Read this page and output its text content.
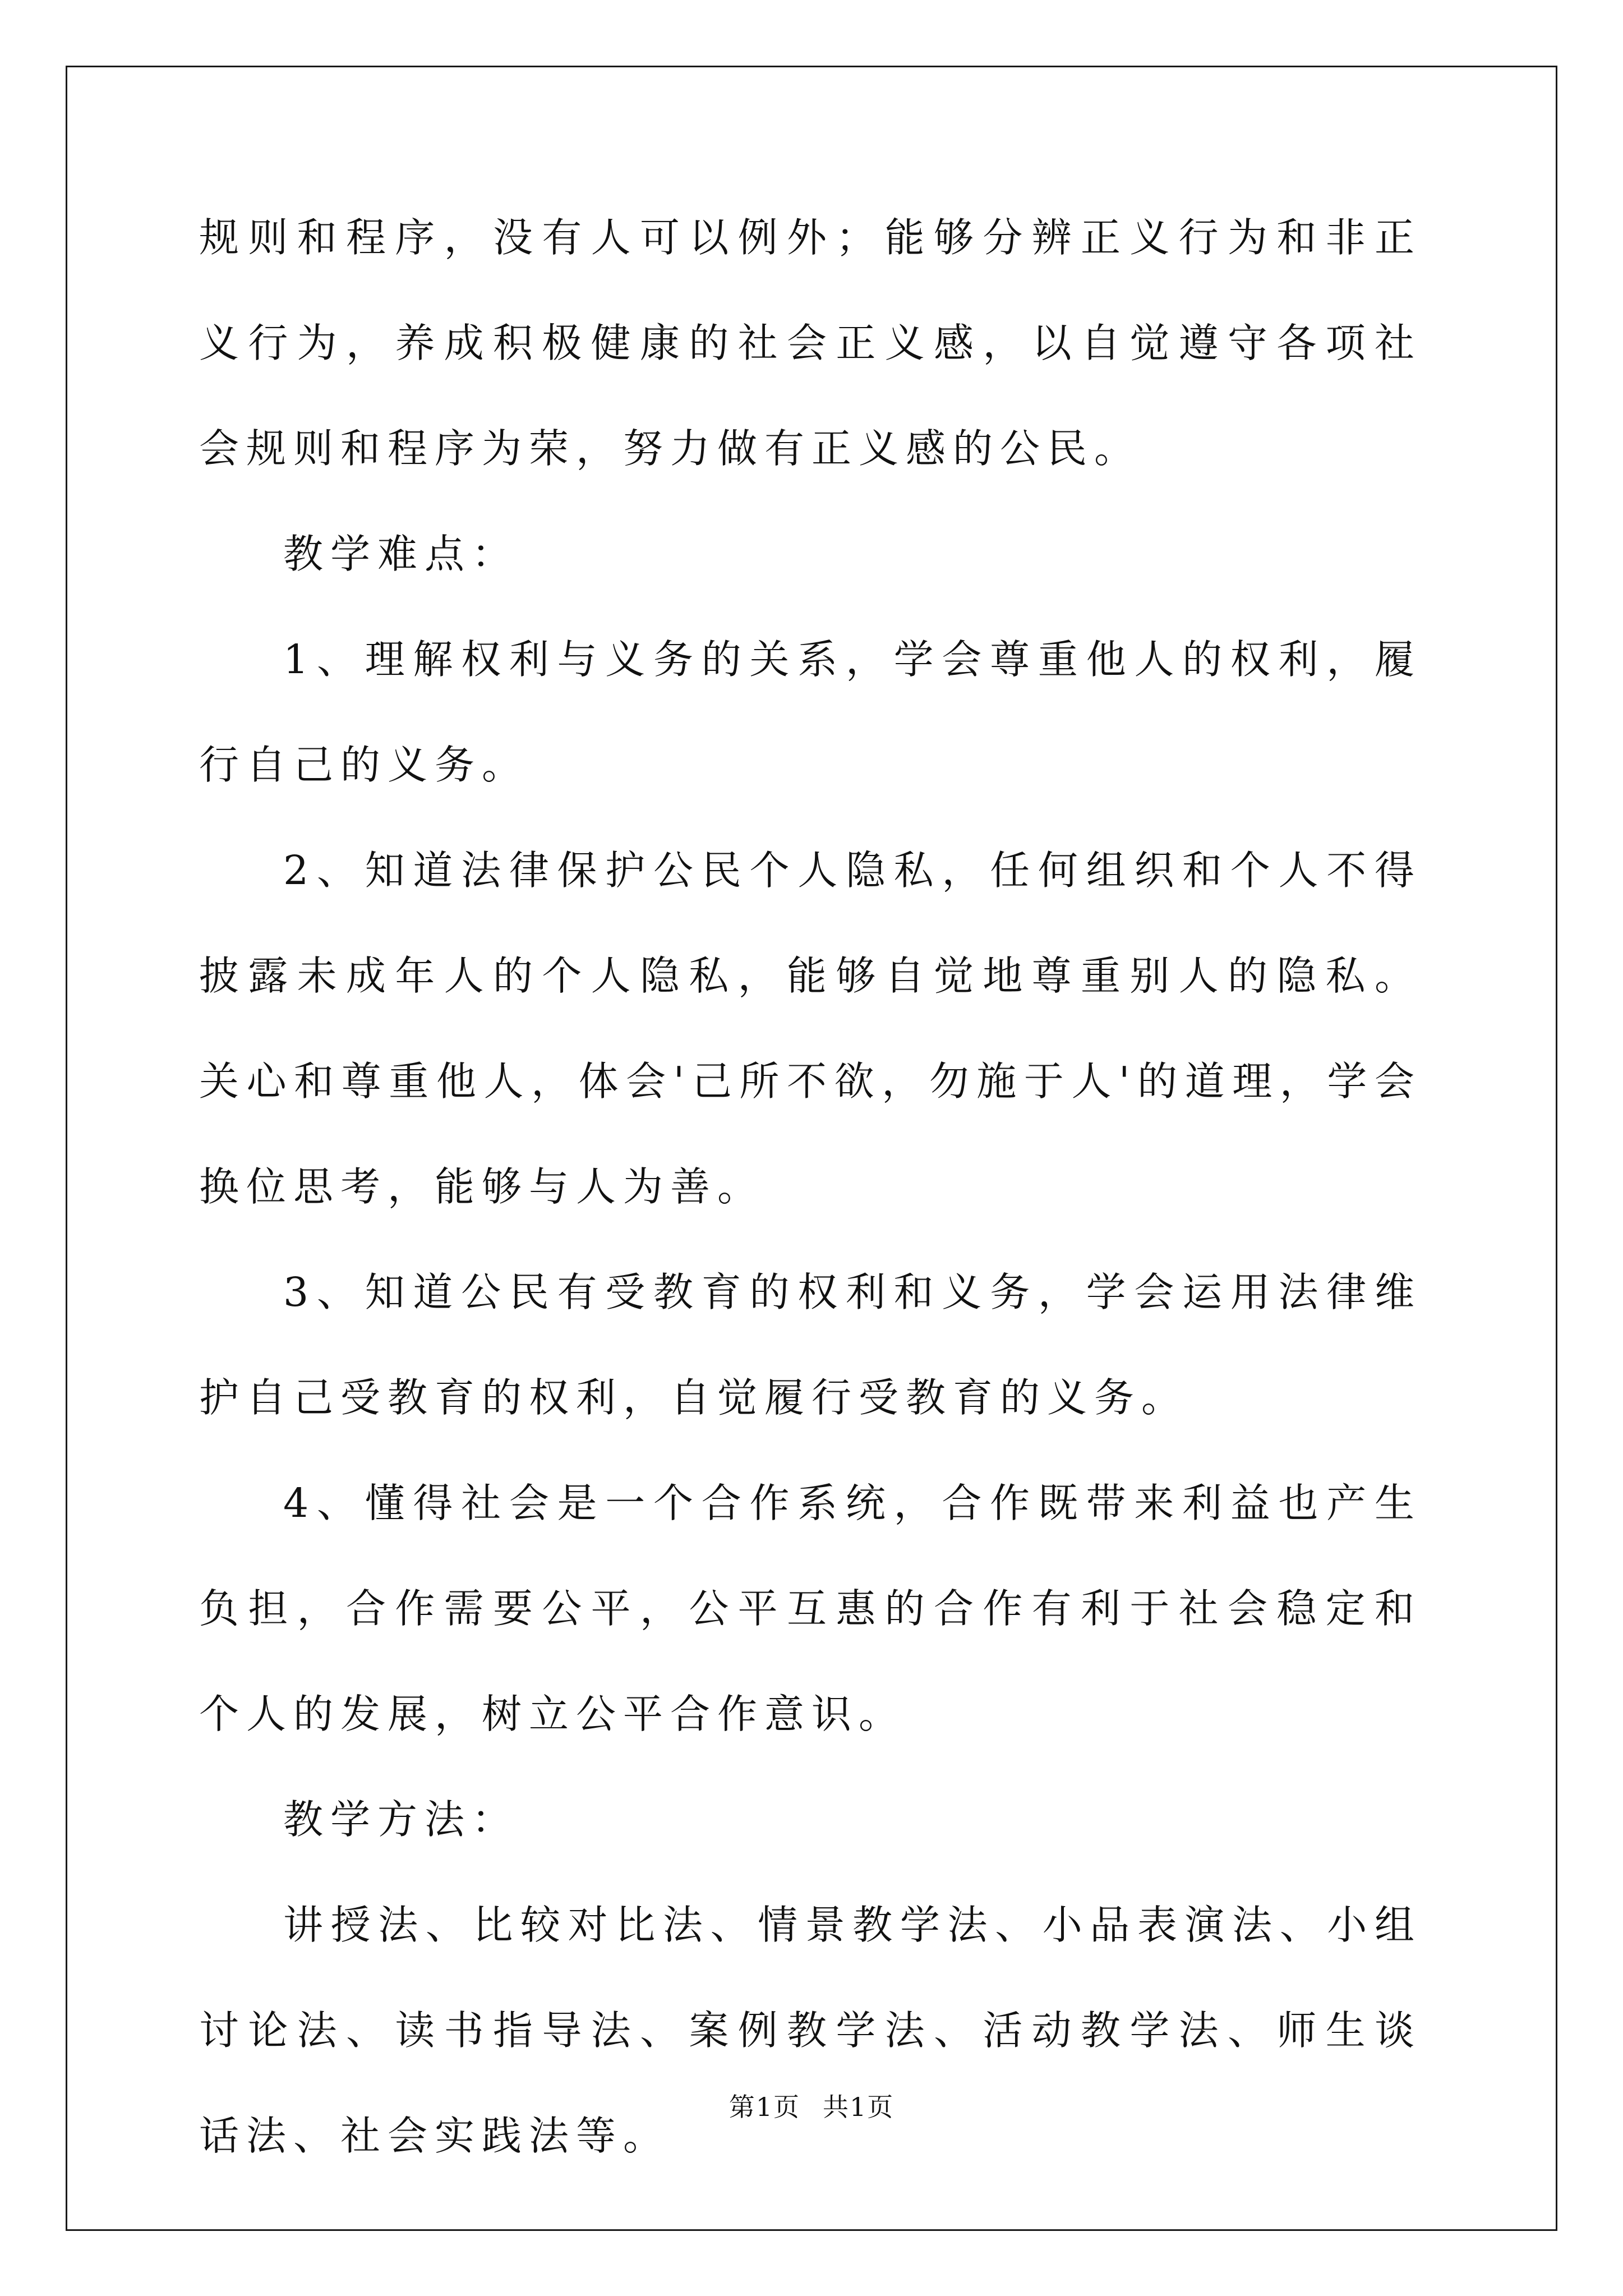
规则和程序，没有人可以例外；能够分辨正义行为和非正义行为，养成积极健康的社会正义感，以自觉遵守各项社会规则和程序为荣，努力做有正义感的公民。

教学难点：

1、理解权利与义务的关系，学会尊重他人的权利，履行自己的义务。

2、知道法律保护公民个人隐私，任何组织和个人不得披露未成年人的个人隐私，能够自觉地尊重别人的隐私。关心和尊重他人，体会'己所不欲，勿施于人'的道理，学会换位思考，能够与人为善。

3、知道公民有受教育的权利和义务，学会运用法律维护自己受教育的权利，自觉履行受教育的义务。

4、懂得社会是一个合作系统，合作既带来利益也产生负担，合作需要公平，公平互惠的合作有利于社会稳定和个人的发展，树立公平合作意识。

教学方法：

讲授法、比较对比法、情景教学法、小品表演法、小组讨论法、读书指导法、案例教学法、活动教学法、师生谈话法、社会实践法等。

第1页 共1页
